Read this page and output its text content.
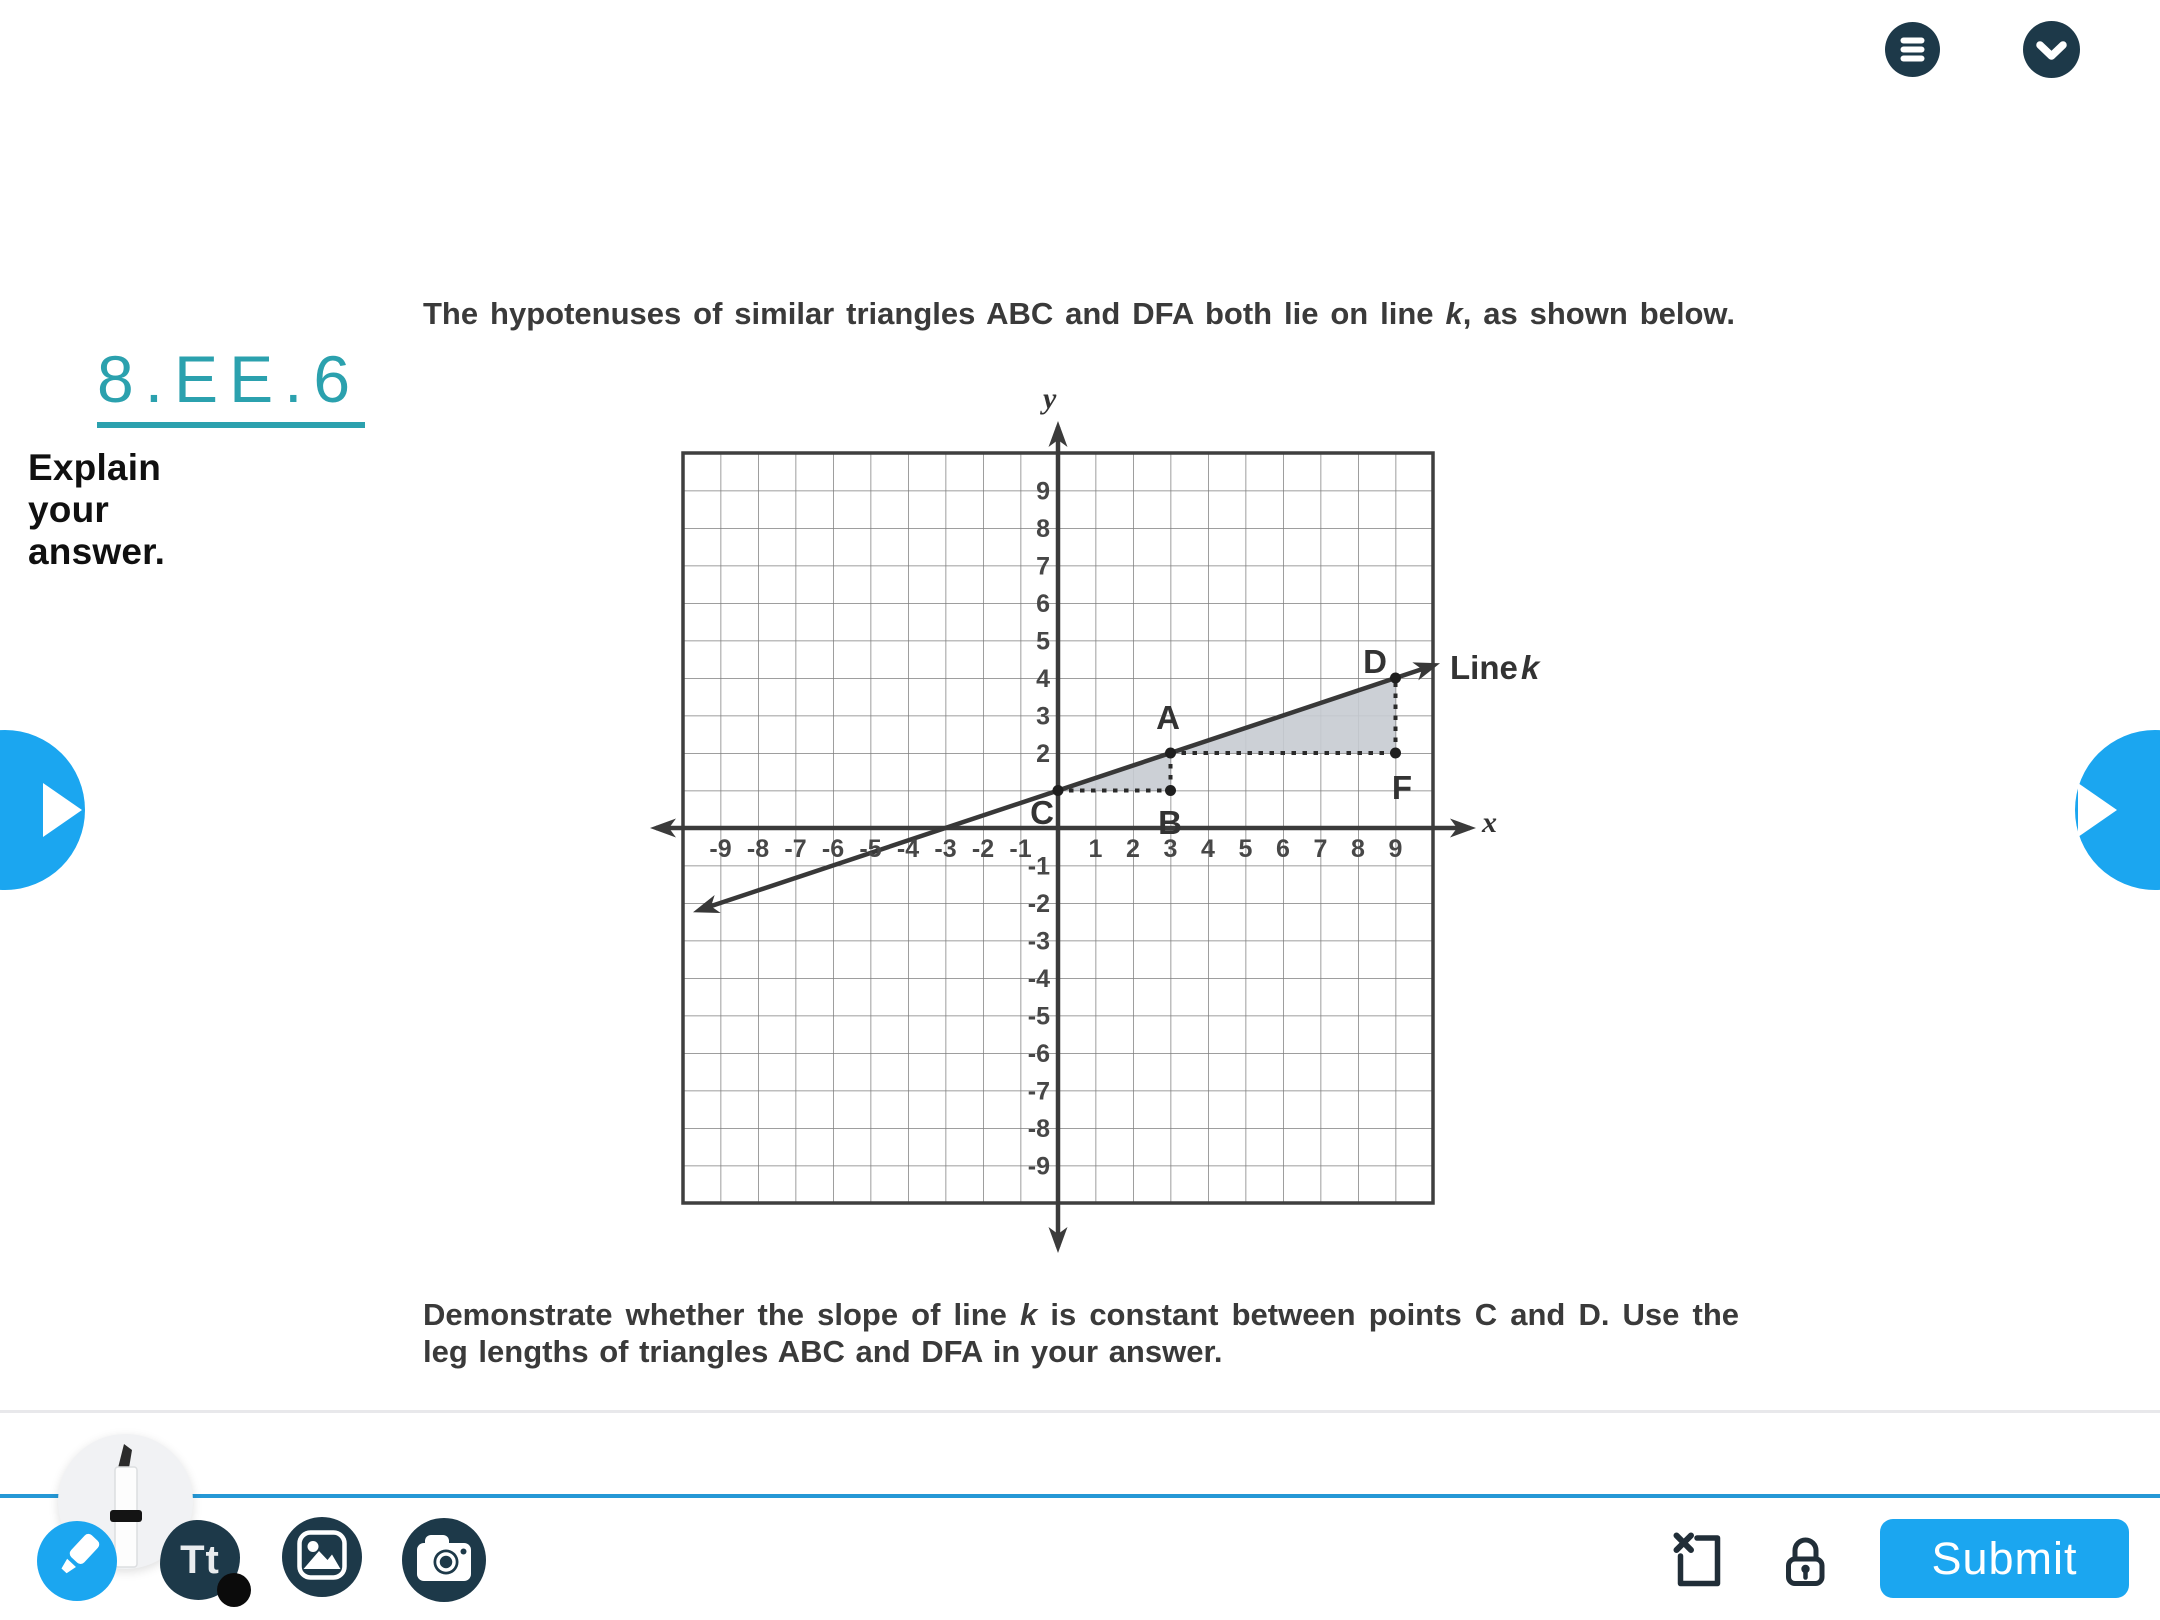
The hypotenuses of similar triangles ABC and DFA both lie on line k, as shown below.
8.EE.6
Explain your answer.
x
y
A
B
C
D
F
Line k
-9 -8 -7 -6 -5 -4 -3 -2 -1 1 2 3 4 5 6 7 8 9
9
8
7
6
5
4
3
2
-1
-2
-3
-4
-5
-6
-7
-8
-9
Demonstrate whether the slope of line k is constant between points C and D. Use the
leg lengths of triangles ABC and DFA in your answer.
Tt	Submit
